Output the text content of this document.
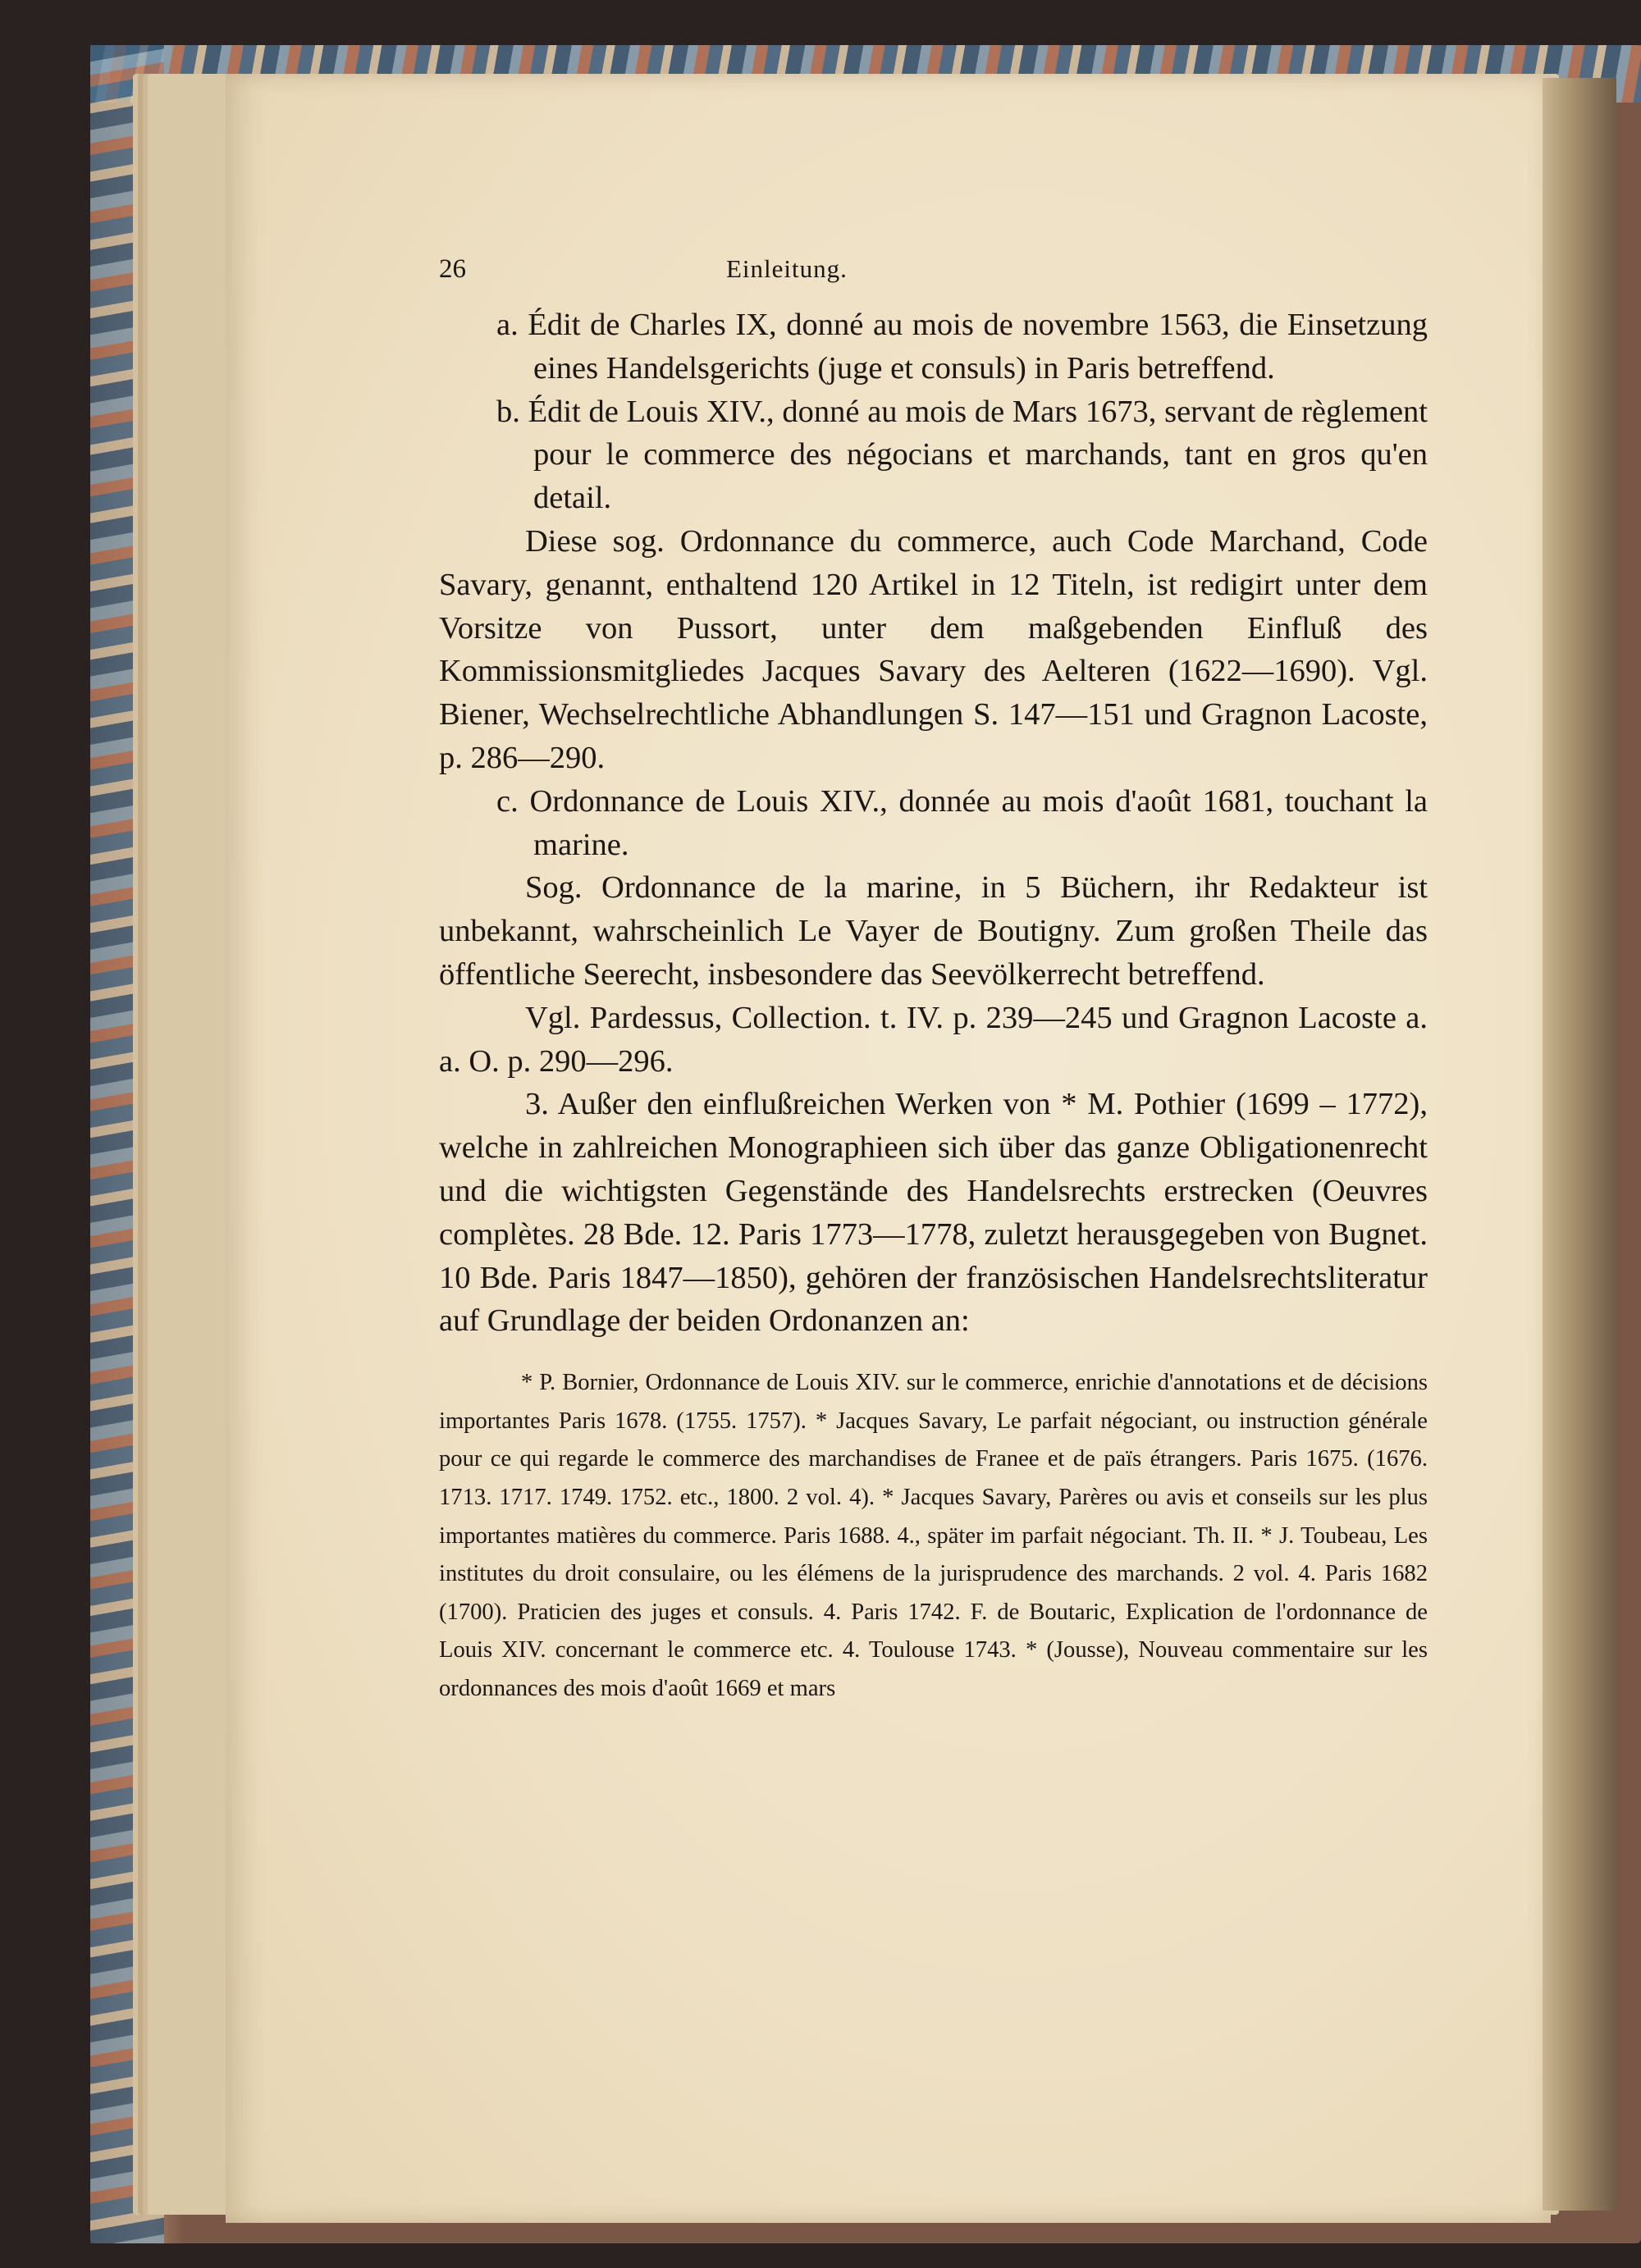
26	Einleitung.

a. Édit de Charles IX, donné au mois de novembre 1563, die Einsetzung eines Handelsgerichts (juge et consuls) in Paris betreffend.

b. Édit de Louis XIV., donné au mois de Mars 1673, servant de règlement pour le commerce des négocians et marchands, tant en gros qu'en detail.

Diese sog. Ordonnance du commerce, auch Code Marchand, Code Savary, genannt, enthaltend 120 Artikel in 12 Titeln, ist redigirt unter dem Vorsitze von Pussort, unter dem maßgebenden Einfluß des Kommissionsmitgliedes Jacques Savary des Aelteren (1622—1690). Vgl. Biener, Wechselrechtliche Abhandlungen S. 147—151 und Gragnon Lacoste, p. 286—290.

c. Ordonnance de Louis XIV., donnée au mois d'août 1681, touchant la marine.

Sog. Ordonnance de la marine, in 5 Büchern, ihr Redakteur ist unbekannt, wahrscheinlich Le Vayer de Boutigny. Zum großen Theile das öffentliche Seerecht, insbesondere das Seevölkerrecht betreffend.

Vgl. Pardessus, Collection. t. IV. p. 239—245 und Gragnon Lacoste a. a. O. p. 290—296.

3. Außer den einflußreichen Werken von * M. Pothier (1699 – 1772), welche in zahlreichen Monographieen sich über das ganze Obligationenrecht und die wichtigsten Gegenstände des Handelsrechts erstrecken (Oeuvres complètes. 28 Bde. 12. Paris 1773—1778, zuletzt herausgegeben von Bugnet. 10 Bde. Paris 1847—1850), gehören der französischen Handelsrechtsliteratur auf Grundlage der beiden Ordonanzen an:

* P. Bornier, Ordonnance de Louis XIV. sur le commerce, enrichie d'annotations et de décisions importantes Paris 1678. (1755. 1757). * Jacques Savary, Le parfait négociant, ou instruction générale pour ce qui regarde le commerce des marchandises de Franee et de païs étrangers. Paris 1675. (1676. 1713. 1717. 1749. 1752. etc., 1800. 2 vol. 4). * Jacques Savary, Parères ou avis et conseils sur les plus importantes matières du commerce. Paris 1688. 4., später im parfait négociant. Th. II. * J. Toubeau, Les institutes du droit consulaire, ou les élémens de la jurisprudence des marchands. 2 vol. 4. Paris 1682 (1700). Praticien des juges et consuls. 4. Paris 1742. F. de Boutaric, Explication de l'ordonnance de Louis XIV. concernant le commerce etc. 4. Toulouse 1743. * (Jousse), Nouveau commentaire sur les ordonnances des mois d'août 1669 et mars
